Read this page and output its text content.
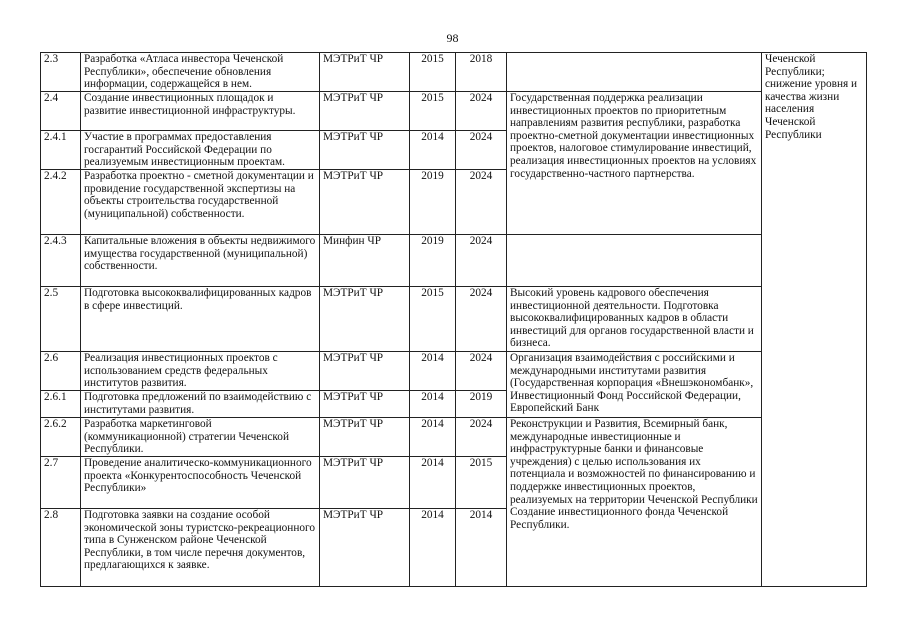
98
2.3	Разработка «Атласа инвестора Чеченской Республики», обеспечение обновления информации, содержащейся в нем.	МЭТРиТ ЧР	2015	2018		Чеченской Республики; снижение уровня и качества жизни населения Чеченской Республики
2.4	Создание инвестиционных площадок и развитие инвестиционной инфраструктуры.	МЭТРиТ ЧР	2015	2024	Государственная поддержка реализации инвестиционных проектов по приоритетным направлениям развития республики, разработка проектно-сметной документации инвестиционных проектов, налоговое стимулирование инвестиций, реализация инвестиционных проектов на условиях государственно-частного партнерства.	
2.4.1	Участие в программах предоставления госгарантий Российской Федерации по реализуемым инвестиционным проектам.	МЭТРиТ ЧР	2014	2024		
2.4.2	Разработка проектно - сметной документации и провидение государственной экспертизы на объекты строительства государственной (муниципальной) собственности.	МЭТРиТ ЧР	2019	2024		
2.4.3	Капитальные вложения в объекты недвижимого имущества государственной (муниципальной) собственности.	Минфин ЧР	2019	2024		
2.5	Подготовка высококвалифицированных кадров в сфере инвестиций.	МЭТРиТ ЧР	2015	2024	Высокий уровень кадрового обеспечения инвестиционной деятельности. Подготовка высококвалифицированных кадров в области инвестиций для органов государственной власти и бизнеса.	
2.6	Реализация инвестиционных проектов с использованием средств федеральных институтов развития.	МЭТРиТ ЧР	2014	2024	Организация взаимодействия с российскими и международными институтами развития (Государственная корпорация «Внешэкономбанк», Инвестиционный Фонд Российской Федерации, Европейский Банк	
2.6.1	Подготовка предложений по взаимодействию с институтами развития.	МЭТРиТ ЧР	2014	2019		
2.6.2	Разработка маркетинговой (коммуникационной) стратегии Чеченской Республики.	МЭТРиТ ЧР	2014	2024	Реконструкции и Развития, Всемирный банк, международные инвестиционные и инфраструктурные банки и финансовые учреждения) с целью использования их потенциала и возможностей по финансированию и поддержке инвестиционных проектов, реализуемых на территории Чеченской Республики Создание инвестиционного фонда Чеченской Республики.	
2.7	Проведение аналитическо-коммуникационного проекта «Конкурентоспособность Чеченской Республики»	МЭТРиТ ЧР	2014	2015		
2.8	Подготовка заявки на создание особой экономической зоны туристско-рекреационного типа в Сунженском районе Чеченской Республики, в том числе перечня документов, предлагающихся к заявке.	МЭТРиТ ЧР	2014	2014		
